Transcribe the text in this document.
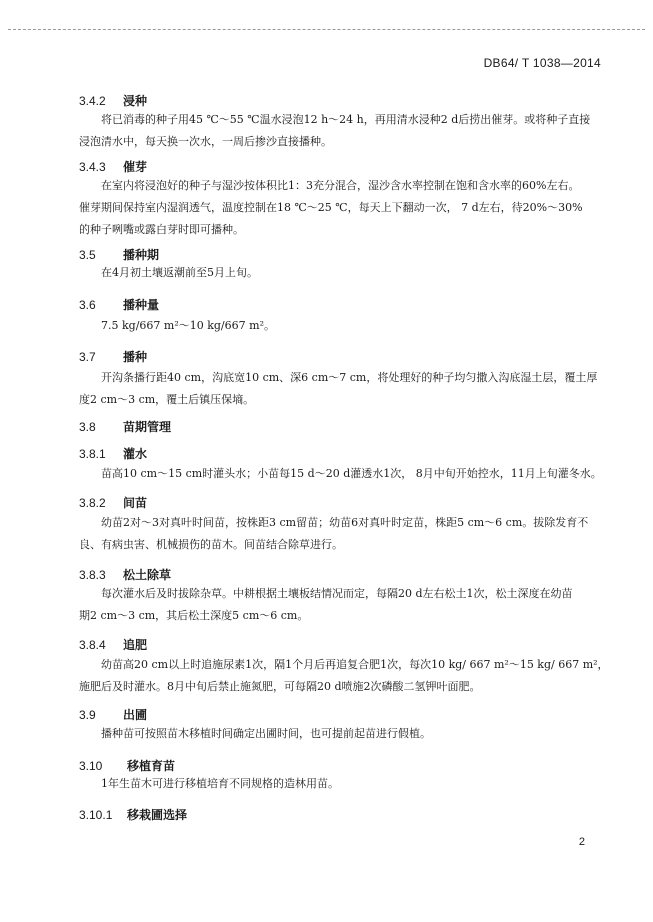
DB64/ T 1038—2014
3.4.2 浸种
将已消毒的种子用45 ℃～55 ℃温水浸泡12 h～24 h，再用清水浸种2 d后捞出催芽。或将种子直接
浸泡清水中，每天换一次水，一周后掺沙直接播种。
3.4.3 催芽
在室内将浸泡好的种子与湿沙按体积比1：3充分混合，湿沙含水率控制在饱和含水率的60%左右。
催芽期间保持室内湿润透气，温度控制在18 ℃～25 ℃，每天上下翻动一次， 7 d左右，待20%～30%
的种子咧嘴或露白芽时即可播种。
3.5 播种期
在4月初土壤返潮前至5月上旬。
3.6 播种量
7.5 kg/667 m²～10 kg/667 m²。
3.7 播种
开沟条播行距40 cm，沟底宽10 cm、深6 cm～7 cm，将处理好的种子均匀撒入沟底湿土层，覆土厚
度2 cm～3 cm，覆土后镇压保墒。
3.8 苗期管理
3.8.1 灌水
苗高10 cm～15 cm时灌头水；小苗每15 d～20 d灌透水1次， 8月中旬开始控水，11月上旬灌冬水。
3.8.2 间苗
幼苗2对～3对真叶时间苗，按株距3 cm留苗；幼苗6对真叶时定苗，株距5 cm～6 cm。拔除发育不
良、有病虫害、机械损伤的苗木。间苗结合除草进行。
3.8.3 松土除草
每次灌水后及时拔除杂草。中耕根据土壤板结情况而定，每隔20 d左右松土1次，松土深度在幼苗
期2 cm～3 cm，其后松土深度5 cm～6 cm。
3.8.4 追肥
幼苗高20 cm以上时追施尿素1次，隔1个月后再追复合肥1次，每次10 kg/ 667 m²～15 kg/ 667 m²，
施肥后及时灌水。8月中旬后禁止施氮肥，可每隔20 d喷施2次磷酸二氢钾叶面肥。
3.9 出圃
播种苗可按照苗木移植时间确定出圃时间，也可提前起苗进行假植。
3.10 移植育苗
1年生苗木可进行移植培育不同规格的造林用苗。
3.10.1 移栽圃选择
2
